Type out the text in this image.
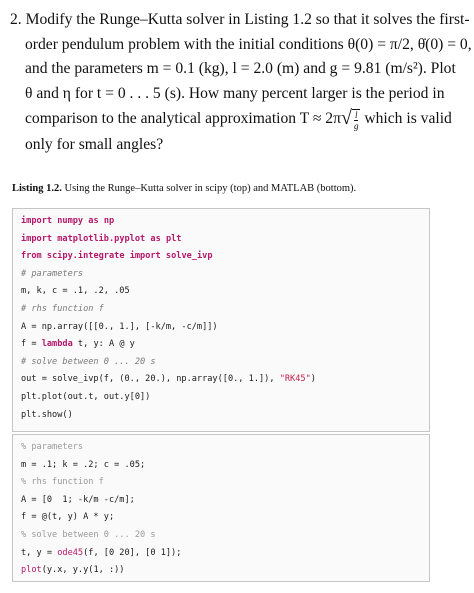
2. Modify the Runge–Kutta solver in Listing 1.2 so that it solves the first-
order pendulum problem with the initial conditions θ(0) = π/2, θ̇(0) = 0,
and the parameters m = 0.1 (kg), l = 2.0 (m) and g = 9.81 (m/s²). Plot
θ and η for t = 0 . . . 5 (s). How many percent larger is the period in
comparison to the analytical approximation $T \approx 2\pi√ \frac{l}{g}$ which is valid
only for small angles?
Listing 1.2. Using the Runge–Kutta solver in scipy (top) and MATLAB (bottom).
import numpy as np
import matplotlib.pyplot as plt
from scipy.integrate import solve_ivp
# parameters
m, k, c = .1, .2, .05
# rhs function f
A = np.array([[0., 1.], [-k/m, -c/m]])
f = lambda t, y: A @ y
# solve between 0 ... 20 s
out = solve_ivp(f, (0., 20.), np.array([0., 1.]), "RK45")
plt.plot(out.t, out.y[0])
plt.show()
% parameters
m = .1; k = .2; c = .05;
% rhs function f
A = [0  1; -k/m -c/m];
f = @(t, y) A * y;
% solve between 0 ... 20 s
t, y = ode45(f, [0 20], [0 1]);
plot(y.x, y.y(1, :))
